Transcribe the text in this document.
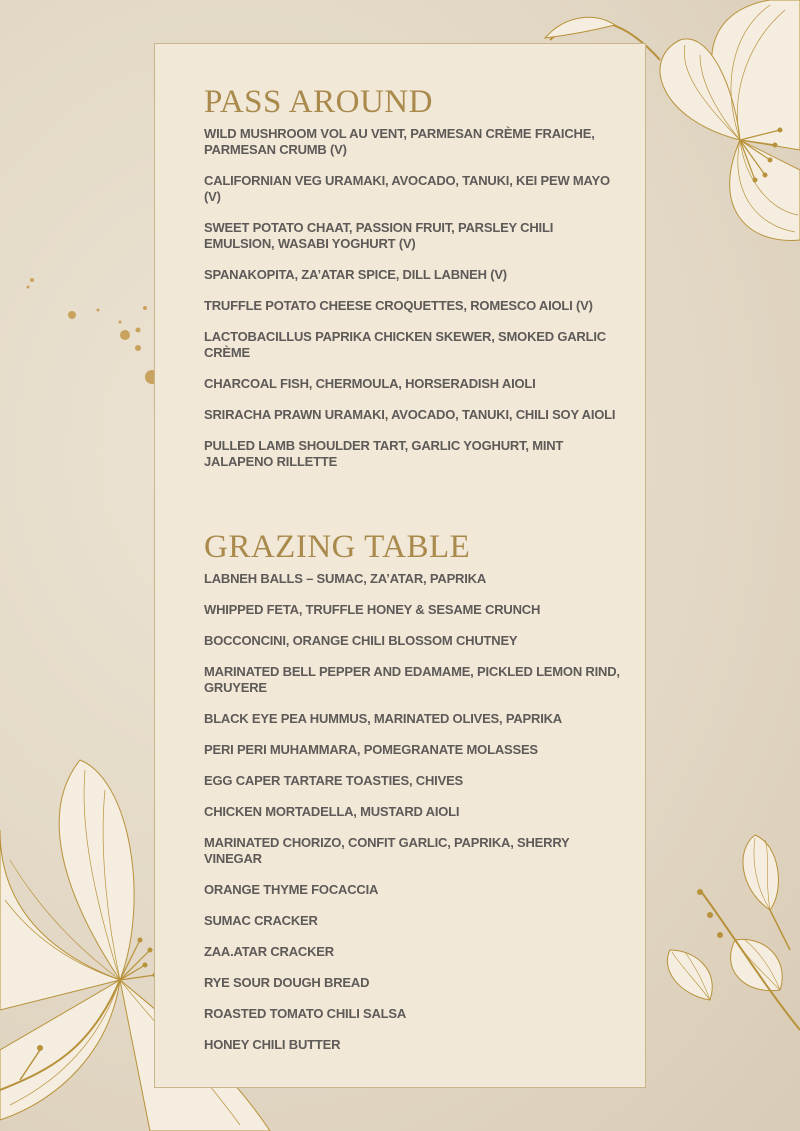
PASS AROUND
WILD MUSHROOM VOL AU VENT, PARMESAN CRÈME FRAICHE, PARMESAN CRUMB (V)
CALIFORNIAN VEG URAMAKI, AVOCADO, TANUKI, KEI PEW MAYO (V)
SWEET POTATO CHAAT, PASSION FRUIT, PARSLEY CHILI EMULSION, WASABI YOGHURT (V)
SPANAKOPITA, ZA’ATAR SPICE, DILL LABNEH (V)
TRUFFLE POTATO CHEESE CROQUETTES, ROMESCO AIOLI (V)
LACTOBACILLUS PAPRIKA CHICKEN SKEWER, SMOKED GARLIC CRÈME
CHARCOAL FISH, CHERMOULA, HORSERADISH AIOLI
SRIRACHA PRAWN URAMAKI, AVOCADO, TANUKI, CHILI SOY AIOLI
PULLED LAMB SHOULDER TART, GARLIC YOGHURT, MINT JALAPENO RILLETTE
GRAZING TABLE
LABNEH BALLS – SUMAC, ZA’ATAR, PAPRIKA
WHIPPED FETA, TRUFFLE HONEY & SESAME CRUNCH
BOCCONCINI, ORANGE CHILI BLOSSOM CHUTNEY
MARINATED BELL PEPPER AND EDAMAME, PICKLED LEMON RIND, GRUYERE
BLACK EYE PEA HUMMUS, MARINATED OLIVES, PAPRIKA
PERI PERI MUHAMMARA, POMEGRANATE MOLASSES
EGG CAPER TARTARE TOASTIES, CHIVES
CHICKEN MORTADELLA, MUSTARD AIOLI
MARINATED CHORIZO, CONFIT GARLIC, PAPRIKA, SHERRY VINEGAR
ORANGE THYME FOCACCIA
SUMAC CRACKER
ZAA.ATAR CRACKER
RYE SOUR DOUGH BREAD
ROASTED TOMATO CHILI SALSA
HONEY CHILI BUTTER
